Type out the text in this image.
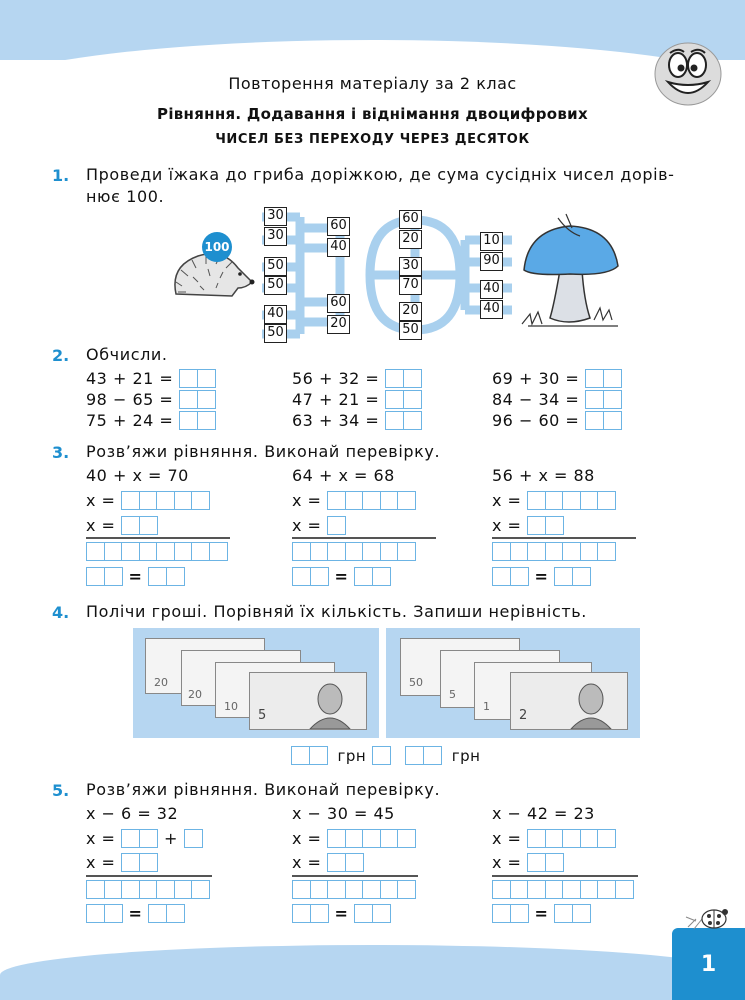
1
Повторення матеріалу за 2 клас
Рівняння. Додавання і віднімання двоцифрових
ЧИСЕЛ БЕЗ ПЕРЕХОДУ ЧЕРЕЗ ДЕСЯТОК
1. Проведи їжака до гриба доріжкою, де сума сусідніх чисел дорів-
нює 100.
100
30
30
50
50
40
50
60
40
60
20
60
20
30
70
20
50
10
90
40
40
2. Обчисли.
43 + 21 =
98 − 65 =
75 + 24 =
56 + 32 =
47 + 21 =
63 + 34 =
69 + 30 =
84 − 34 =
96 − 60 =
3. Розв’яжи рівняння. Виконай перевірку.
40 + x = 70
x =
x =
=
64 + x = 68
x =
x =
=
56 + x = 88
x =
x =
=
4. Полічи гроші. Порівняй їх кількість. Запиши нерівність.
20
20
10
5
50
5
1
2
грн	грн
5. Розв’яжи рівняння. Виконай перевірку.
x − 6 = 32
x =	+
x =
=
x − 30 = 45
x =
x =
=
x − 42 = 23
x =
x =
=
